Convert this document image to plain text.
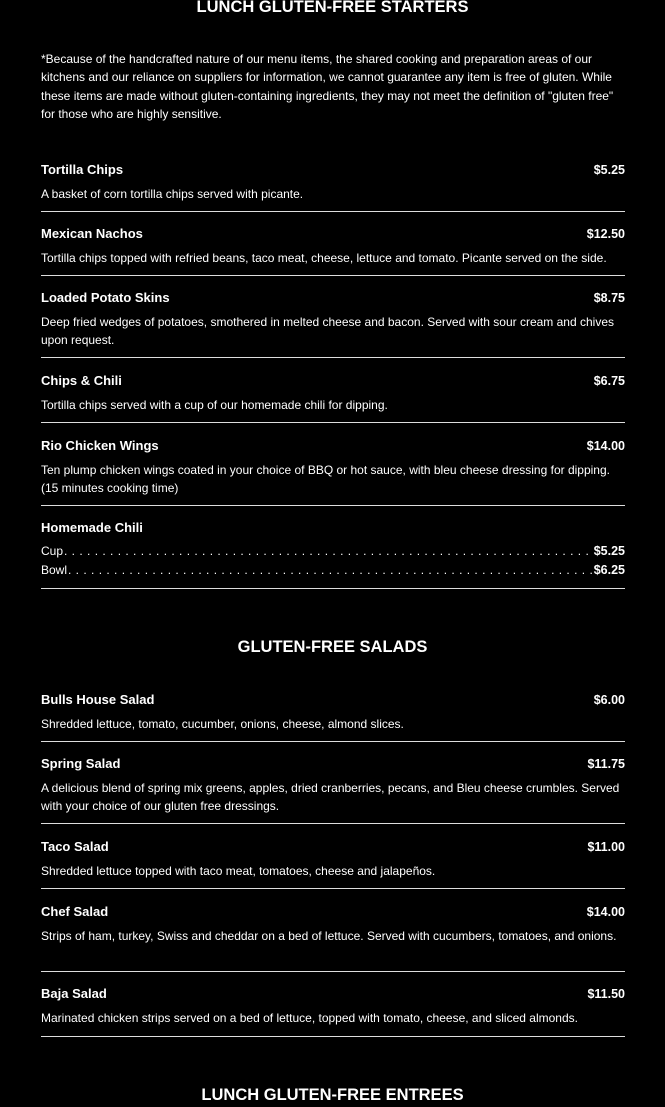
LUNCH GLUTEN-FREE STARTERS

*Because of the handcrafted nature of our menu items, the shared cooking and preparation areas of our kitchens and our reliance on suppliers for information, we cannot guarantee any item is free of gluten. While these items are made without gluten-containing ingredients, they may not meet the definition of "gluten free" for those who are highly sensitive.

Tortilla Chips	$5.25
A basket of corn tortilla chips served with picante.
Mexican Nachos	$12.50
Tortilla chips topped with refried beans, taco meat, cheese, lettuce and tomato. Picante served on the side.
Loaded Potato Skins	$8.75
Deep fried wedges of potatoes, smothered in melted cheese and bacon. Served with sour cream and chives upon request.
Chips & Chili	$6.75
Tortilla chips served with a cup of our homemade chili for dipping.
Rio Chicken Wings	$14.00
Ten plump chicken wings coated in your choice of BBQ or hot sauce, with bleu cheese dressing for dipping. (15 minutes cooking time)
Homemade Chili
Cup . . .	$5.25
Bowl . . .	$6.25
GLUTEN-FREE SALADS
Bulls House Salad	$6.00
Shredded lettuce, tomato, cucumber, onions, cheese, almond slices.
Spring Salad	$11.75
A delicious blend of spring mix greens, apples, dried cranberries, pecans, and Bleu cheese crumbles. Served with your choice of our gluten free dressings.
Taco Salad	$11.00
Shredded lettuce topped with taco meat, tomatoes, cheese and jalapeños.
Chef Salad	$14.00
Strips of ham, turkey, Swiss and cheddar on a bed of lettuce. Served with cucumbers, tomatoes, and onions.
Baja Salad	$11.50
Marinated chicken strips served on a bed of lettuce, topped with tomato, cheese, and sliced almonds.
LUNCH GLUTEN-FREE ENTREES
